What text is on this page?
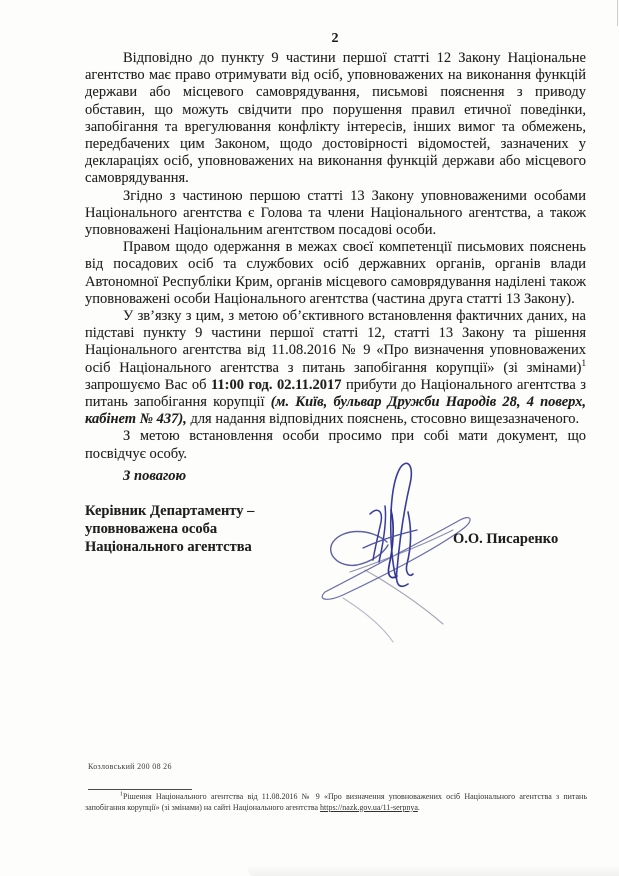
2

Відповідно до пункту 9 частини першої статті 12 Закону Національне агентство має право отримувати від осіб, уповноважених на виконання функцій держави або місцевого самоврядування, письмові пояснення з приводу обставин, що можуть свідчити про порушення правил етичної поведінки, запобігання та врегулювання конфлікту інтересів, інших вимог та обмежень, передбачених цим Законом, щодо достовірності відомостей, зазначених у деклараціях осіб, уповноважених на виконання функцій держави або місцевого самоврядування.

Згідно з частиною першою статті 13 Закону уповноваженими особами Національного агентства є Голова та члени Національного агентства, а також уповноважені Національним агентством посадові особи.

Правом щодо одержання в межах своєї компетенції письмових пояснень від посадових осіб та службових осіб державних органів, органів влади Автономної Республіки Крим, органів місцевого самоврядування наділені також уповноважені особи Національного агентства (частина друга статті 13 Закону).

У зв’язку з цим, з метою об’єктивного встановлення фактичних даних, на підставі пункту 9 частини першої статті 12, статті 13 Закону та рішення Національного агентства від 11.08.2016 № 9 «Про визначення уповноважених осіб Національного агентства з питань запобігання корупції» (зі змінами)$^1$ запрошуємо Вас об 11:00 год. 02.11.2017 прибути до Національного агентства з питань запобігання корупції (м. Київ, бульвар Дружби Народів 28, 4 поверх, кабінет № 437), для надання відповідних пояснень, стосовно вищезазначеного.

З метою встановлення особи просимо при собі мати документ, що посвідчує особу.

З повагою
Керівник Департаменту –
уповноважена особа
Національного агентства	О.О. Писаренко
Козловський 200 08 26
$^1$Рішення Національного агентства від 11.08.2016 № 9 «Про визначення уповноважених осіб Національного агентства з питань запобігання корупції» (зі змінами) на сайті Національного агентства https://nazk.gov.ua/11-serpnya.
